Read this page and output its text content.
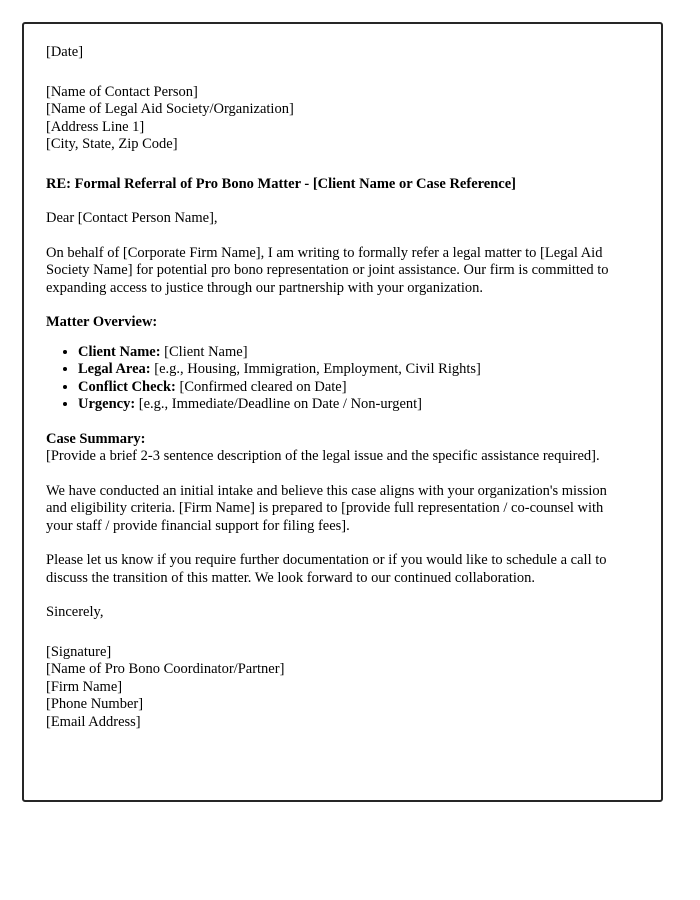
[Date]
[Name of Contact Person]
[Name of Legal Aid Society/Organization]
[Address Line 1]
[City, State, Zip Code]
RE: Formal Referral of Pro Bono Matter - [Client Name or Case Reference]
Dear [Contact Person Name],

On behalf of [Corporate Firm Name], I am writing to formally refer a legal matter to [Legal Aid Society Name] for potential pro bono representation or joint assistance. Our firm is committed to expanding access to justice through our partnership with your organization.

Matter Overview:
• Client Name: [Client Name]
• Legal Area: [e.g., Housing, Immigration, Employment, Civil Rights]
• Conflict Check: [Confirmed cleared on Date]
• Urgency: [e.g., Immediate/Deadline on Date / Non-urgent]
Case Summary:

[Provide a brief 2-3 sentence description of the legal issue and the specific assistance required].

We have conducted an initial intake and believe this case aligns with your organization's mission and eligibility criteria. [Firm Name] is prepared to [provide full representation / co-counsel with your staff / provide financial support for filing fees].

Please let us know if you require further documentation or if you would like to schedule a call to discuss the transition of this matter. We look forward to our continued collaboration.

Sincerely,
[Signature]
[Name of Pro Bono Coordinator/Partner]
[Firm Name]
[Phone Number]
[Email Address]
